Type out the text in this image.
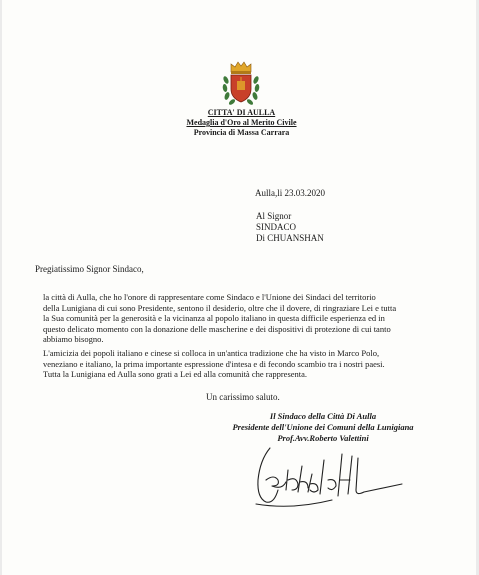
CITTA' DI AULLA
Medaglia d'Oro al Merito Civile
Provincia di Massa Carrara
Aulla,li 23.03.2020
Al Signor
SINDACO
Di CHUANSHAN
Pregiatissimo Signor Sindaco,
la città di Aulla, che ho l'onore di rappresentare come Sindaco e l'Unione dei Sindaci del territorio
della Lunigiana di cui sono Presidente, sentono il desiderio, oltre che il dovere, di ringraziare Lei e tutta
la Sua comunità per la generosità e la vicinanza al popolo italiano in questa difficile esperienza ed in
questo delicato momento con la donazione delle mascherine e dei dispositivi di protezione di cui tanto
abbiamo bisogno.
L'amicizia dei popoli italiano e cinese si colloca in un'antica tradizione che ha visto in Marco Polo,
veneziano e italiano, la prima importante espressione d'intesa e di fecondo scambio tra i nostri paesi.
Tutta la Lunigiana ed Aulla sono grati a Lei ed alla comunità che rappresenta.
Un carissimo saluto.
Il Sindaco della Città Di Aulla
Presidente dell'Unione dei Comuni della Lunigiana
Prof.Avv.Roberto Valettini
